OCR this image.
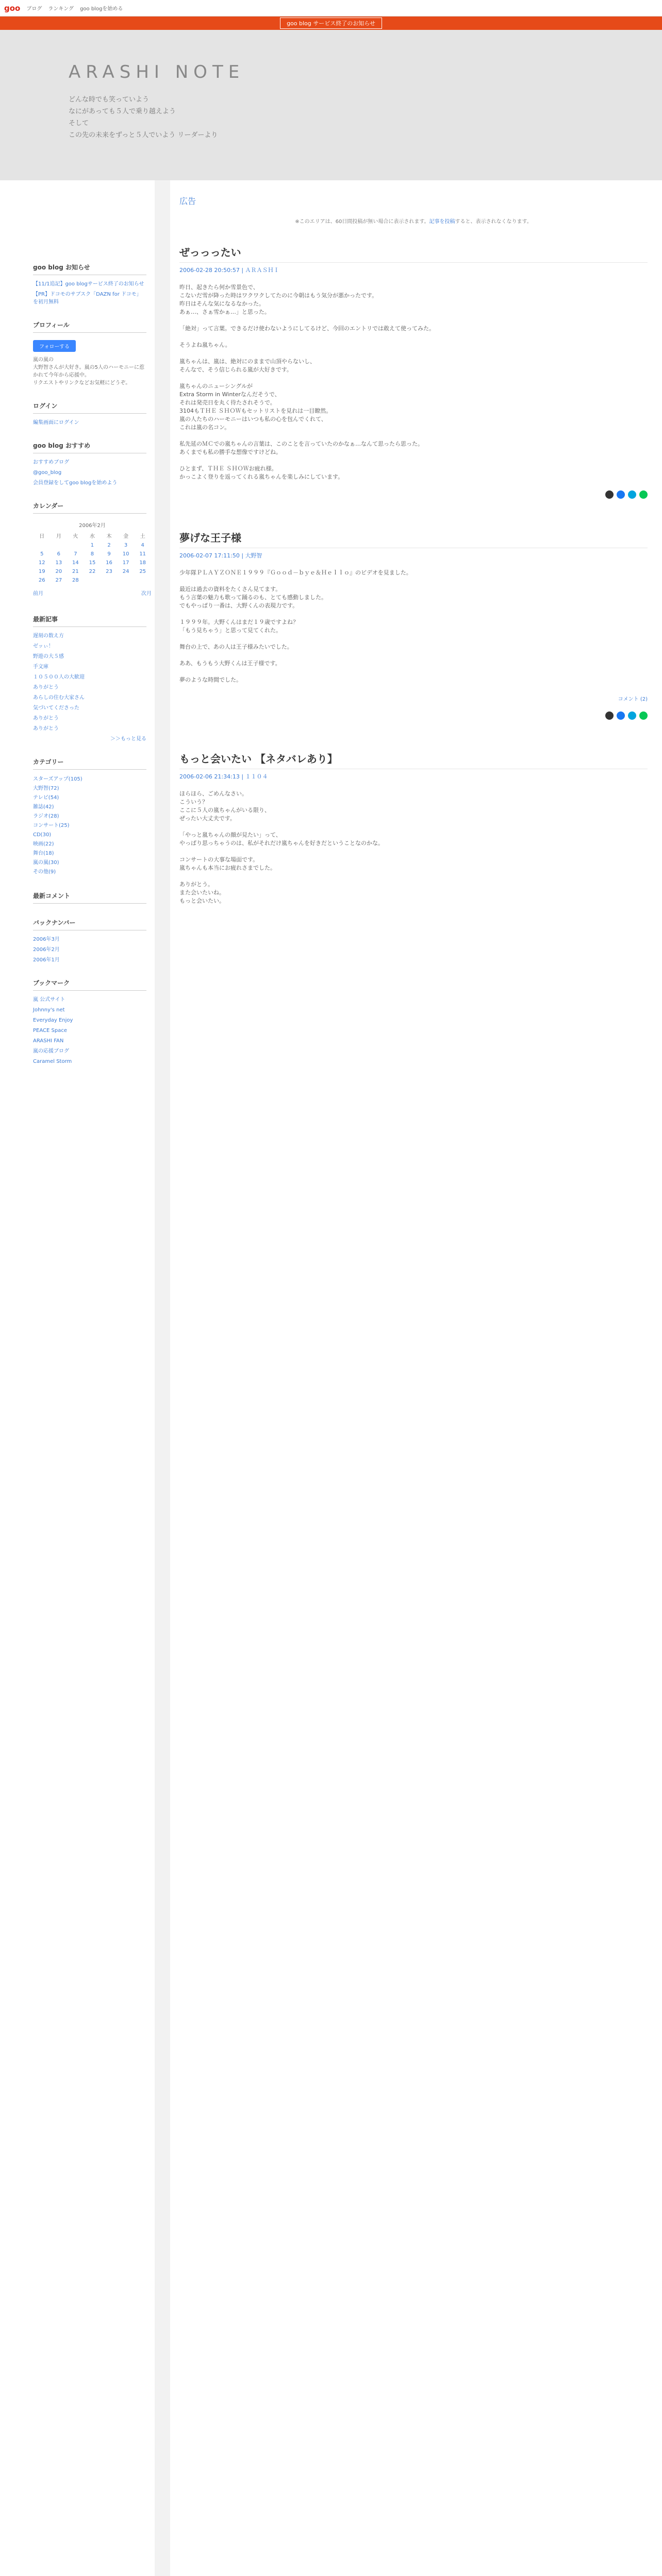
goo ブログ ランキング goo blogを始める
goo blog サービス終了のお知らせ
ARASHI NOTE
どんな時でも笑っていよう
なにがあっても５人で乗り越えよう
そして
この先の未来をずっと５人でいよう リーダーより
goo blog お知らせ
【11/1追記】goo blogサービス終了のお知らせ
【PR】ドコモのサブスク「DAZN for ドコモ」を初月無料
プロフィール
フォローする
嵐の嵐の
大野智さんが大好き。嵐の5人のハーモニーに惹かれて今年から応援中。
リクエストやリンクなどお気軽にどうぞ。
ログイン
編集画面にログイン
goo blog おすすめ
おすすめブログ
@goo_blog
会員登録をしてgoo blogを始めよう
カレンダー
2006年2月						
日	月	火	水	木	金	土
			1	2	3	4
5	6	7	8	9	10	11
12	13	14	15	16	17	18
19	20	21	22	23	24	25
26	27	28				
前月	次月
最新記事
遅刻の数え方
ゼッぃ！
野遊の大５感
手文庫
１０５００人の大歓迎
ありがとう
あらしの住む大家さん
気づいてくださった
ありがとう
ありがとう
＞＞もっと見る
カテゴリー
スターズアップ(105)
大野智(72)
テレビ(54)
雑誌(42)
ラジオ(28)
コンサート(25)
CD(30)
映画(22)
舞台(18)
嵐の嵐(30)
その他(9)
最新コメント
バックナンバー
2006年3月
2006年2月
2006年1月
ブックマーク
嵐 公式サイト
Johnny's net
Everyday Enjoy
PEACE Space
ARASHI FAN
嵐の応援ブログ
Caramel Storm
広告
※このエリアは、60日間投稿が無い場合に表示されます。記事を投稿すると、表示されなくなります。
ぜっっったい
2006-02-28 20:50:57 | ＡＲＡＳＨＩ
昨日、起きたら何か雪景色で、
こないだ雪が降った時はワクワクしてたのに今朝はもう気分が悪かったです。
昨日はそんな気になるなかった。
あぁ…、さぁ雪かぁ…」と思った。

「絶対」って言葉。できるだけ使わないようにしてるけど、今回のエントリでは敢えて使ってみた。

そうよね嵐ちゃん。

嵐ちゃんは、嵐は、絶対にのままで山頂やらないし、
そんなで、そう信じられる嵐が大好きです。

嵐ちゃんのニューシングルが
Extra Storm in Winterなんだそうで、
それは発売日を丸く待たされそうで。
3104もＴＨＥ ＳＨＯＷもセットリストを見れは一目瞭然。
嵐の人たちのハーモニーはいつも私の心を包んでくれて、
これは嵐の名コン。

私先延のＭＣでの嵐ちゃんの言葉は、このことを言っていたのかなぁ…なんて思ったら思った。
あくまでも私の勝手な想像ですけどね。

ひとまず、ＴＨＥ ＳＨＯＷお疲れ様。
かっこよく登りを返ってくれる嵐ちゃんを楽しみにしています。
夢げな王子様
2006-02-07 17:11:50 | 大野智
少年隊ＰＬＡＹＺＯＮＥ１９９９『Ｇｏｏｄ－ｂｙｅ＆Ｈｅｌｌｏ』のビデオを見ました。

最近は過去の資料をたくさん見てます。
もう言葉の魅力も歌って踊るのも、とても感動しました。
でもやっぱり一番は、大野くんの表現力です。

１９９９年。大野くんはまだ１９歳ですよね？
「もう見ちゃう」と思って見てくれた。

舞台の上で、あの人は王子様みたいでした。

ああ、もうもう大野くんは王子様です。

夢のような時間でした。
コメント (2)
もっと会いたい 【ネタバレあり】
2006-02-06 21:34:13 | １１０４
ほらほら、ごめんなさい。
こういう？
ここに５人の嵐ちゃんがいる限り、
ぜったい大丈夫です。

「やっと嵐ちゃんの顔が見たい」って、
やっぱり思っちゃうのは、私がそれだけ嵐ちゃんを好きだということなのかな。

コンサートの大事な場面です。
嵐ちゃんも本当にお疲れさまでした。

ありがとう。
また会いたいね。
もっと会いたい。
